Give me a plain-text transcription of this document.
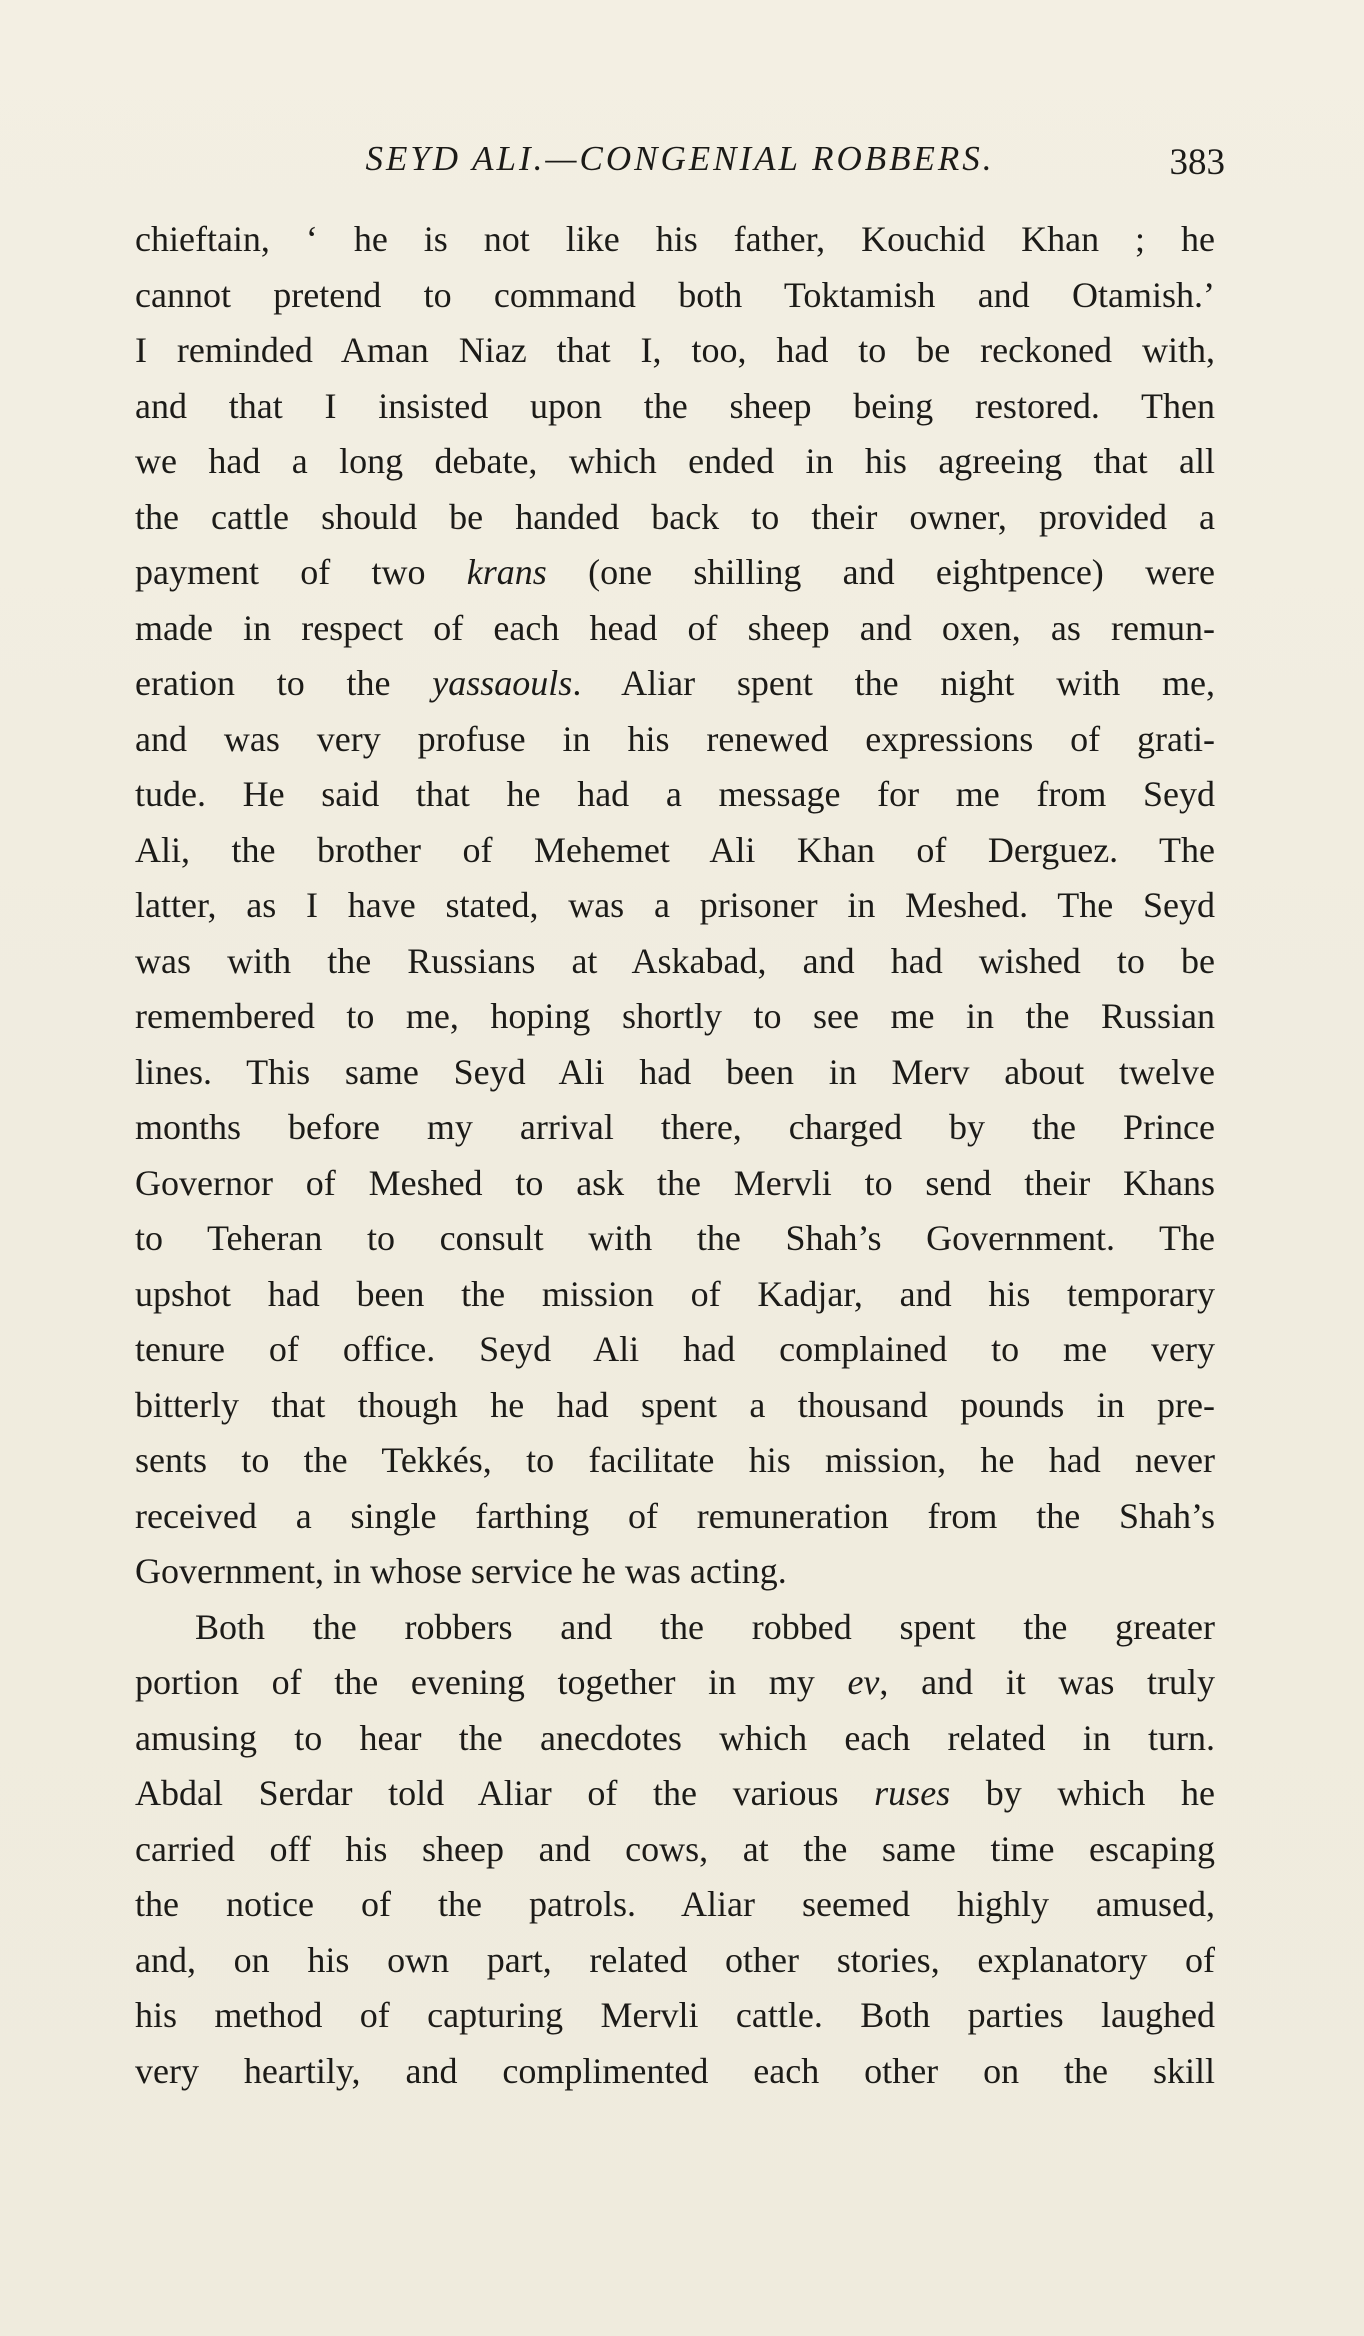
SEYD ALI.—CONGENIAL ROBBERS.	383
chieftain, ‘ he is not like his father, Kouchid Khan ; he
cannot pretend to command both Toktamish and Otamish.’
I reminded Aman Niaz that I, too, had to be reckoned with,
and that I insisted upon the sheep being restored. Then
we had a long debate, which ended in his agreeing that all
the cattle should be handed back to their owner, provided a
payment of two krans (one shilling and eightpence) were
made in respect of each head of sheep and oxen, as remun-
eration to the yassaouls. Aliar spent the night with me,
and was very profuse in his renewed expressions of grati-
tude. He said that he had a message for me from Seyd
Ali, the brother of Mehemet Ali Khan of Derguez. The
latter, as I have stated, was a prisoner in Meshed. The Seyd
was with the Russians at Askabad, and had wished to be
remembered to me, hoping shortly to see me in the Russian
lines. This same Seyd Ali had been in Merv about twelve
months before my arrival there, charged by the Prince
Governor of Meshed to ask the Mervli to send their Khans
to Teheran to consult with the Shah’s Government. The
upshot had been the mission of Kadjar, and his temporary
tenure of office. Seyd Ali had complained to me very
bitterly that though he had spent a thousand pounds in pre-
sents to the Tekkés, to facilitate his mission, he had never
received a single farthing of remuneration from the Shah’s
Government, in whose service he was acting.
Both the robbers and the robbed spent the greater
portion of the evening together in my ev, and it was truly
amusing to hear the anecdotes which each related in turn.
Abdal Serdar told Aliar of the various ruses by which he
carried off his sheep and cows, at the same time escaping
the notice of the patrols. Aliar seemed highly amused,
and, on his own part, related other stories, explanatory of
his method of capturing Mervli cattle. Both parties laughed
very heartily, and complimented each other on the skill
